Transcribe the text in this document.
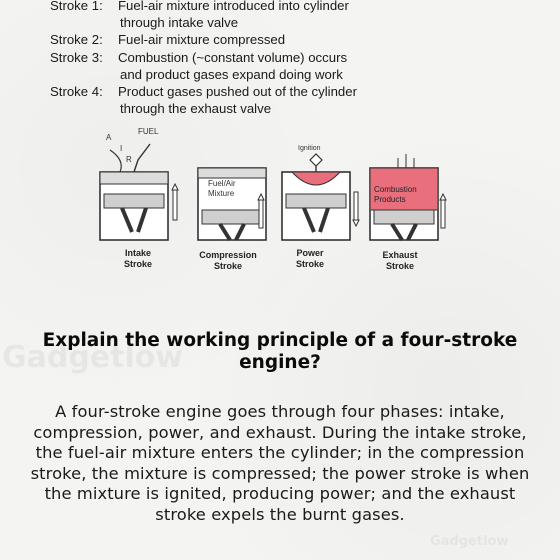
Gadgetlow
Gadgetlow
Stroke 1:	Fuel-air mixture introduced into cylinder
through intake valve
Stroke 2:	Fuel-air mixture compressed
Stroke 3:	Combustion (~constant volume) occurs
and product gases expand doing work
Stroke 4:	Product gases pushed out of the cylinder
through the exhaust valve
FUEL
A
I
R
Fuel/Air
Mixture
Ignition
Combustion
Products
Intake
Stroke
Compression
Stroke
Power
Stroke
Exhaust
Stroke
Explain the working principle of a four-stroke engine?
A four-stroke engine goes through four phases: intake, compression, power, and exhaust. During the intake stroke, the fuel-air mixture enters the cylinder; in the compression stroke, the mixture is compressed; the power stroke is when the mixture is ignited, producing power; and the exhaust stroke expels the burnt gases.
